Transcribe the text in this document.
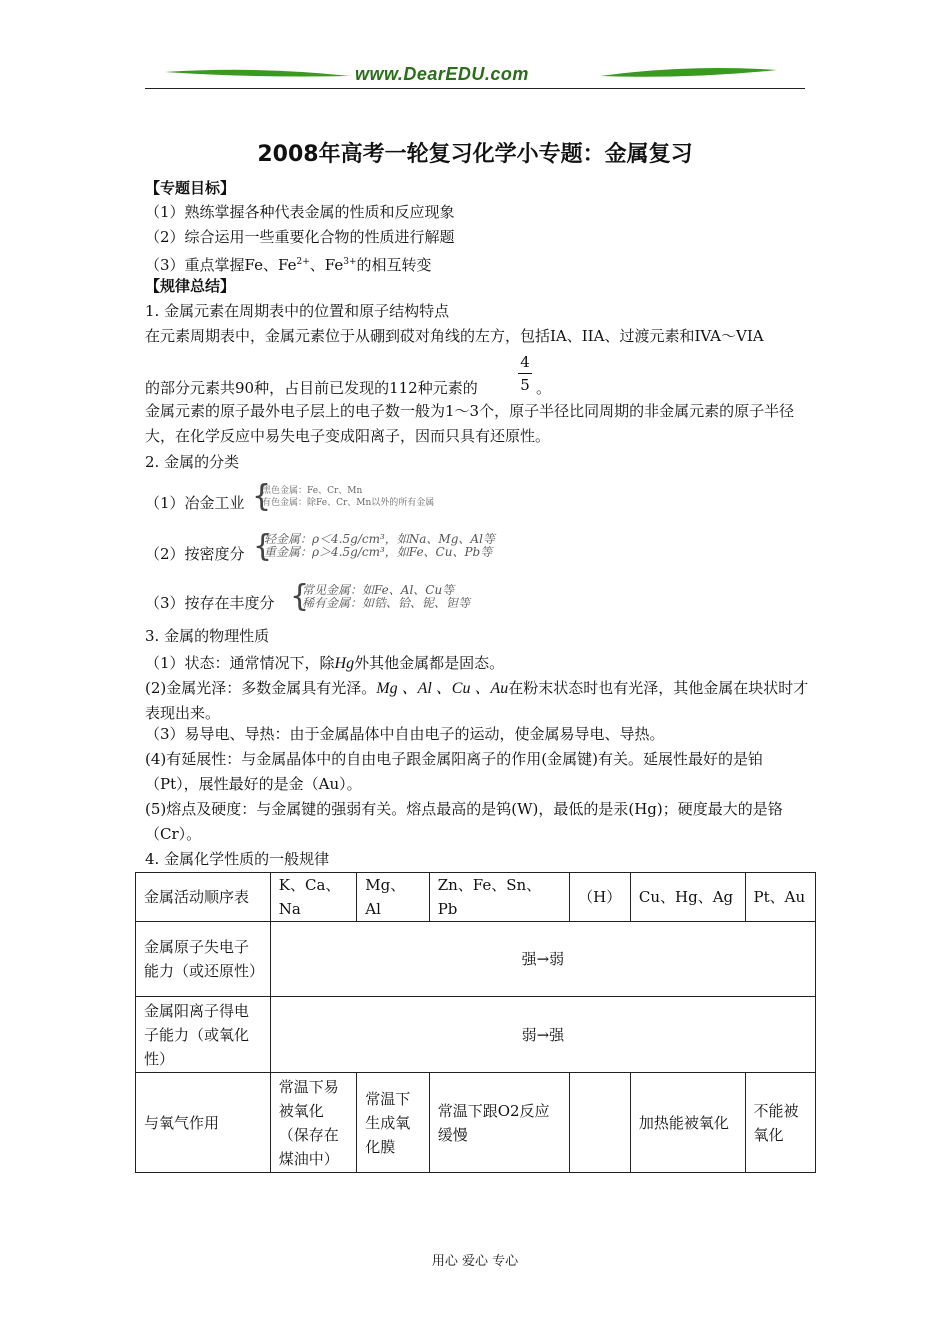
www.DearEDU.com
2008年高考一轮复习化学小专题：金属复习
【专题目标】
（1）熟练掌握各种代表金属的性质和反应现象
（2）综合运用一些重要化合物的性质进行解题
（3）重点掌握Fe、$Fe^{2+}$、$Fe^{3+}$的相互转变
【规律总结】
1. 金属元素在周期表中的位置和原子结构特点
在元素周期表中，金属元素位于从硼到砹对角线的左方，包括IA、IIA、过渡元素和IVA～VIA
的部分元素共90种，占目前已发现的112种元素的
4
5 。
金属元素的原子最外电子层上的电子数一般为1～3个，原子半径比同周期的非金属元素的原子半径大，在化学反应中易失电子变成阳离子，因而只具有还原性。
2. 金属的分类
（1）冶金工业 {
黑色金属：Fe、Cr、Mn
有色金属：除Fe、Cr、Mn以外的所有金属
（2）按密度分 {
轻金属：ρ＜4.5g/cm³，如Na、Mg、Al等
重金属：ρ＞4.5g/cm³，如Fe、Cu、Pb等
（3）按存在丰度分 {
常见金属：如Fe、Al、Cu等
稀有金属：如锆、铪、铌、钽等
3. 金属的物理性质
（1）状态：通常情况下，除Hg外其他金属都是固态。
(2)金属光泽：多数金属具有光泽。Mg 、Al 、Cu 、Au在粉末状态时也有光泽，其他金属在块状时才表现出来。
（3）易导电、导热：由于金属晶体中自由电子的运动，使金属易导电、导热。
(4)有延展性：与金属晶体中的自由电子跟金属阳离子的作用(金属键)有关。延展性最好的是铂（Pt），展性最好的是金（Au）。
(5)熔点及硬度：与金属键的强弱有关。熔点最高的是钨(W)，最低的是汞(Hg)；硬度最大的是铬（Cr）。
4. 金属化学性质的一般规律
金属活动顺序表	K、Ca、Na	Mg、Al	Zn、Fe、Sn、Pb	（H）	Cu、Hg、Ag	Pt、Au
金属原子失电子能力（或还原性）	强→弱					
金属阳离子得电子能力（或氧化性）	弱→强					
与氧气作用	常温下易被氧化（保存在煤油中）	常温下生成氧化膜	常温下跟O2反应缓慢		加热能被氧化	不能被氧化
用心 爱心 专心
